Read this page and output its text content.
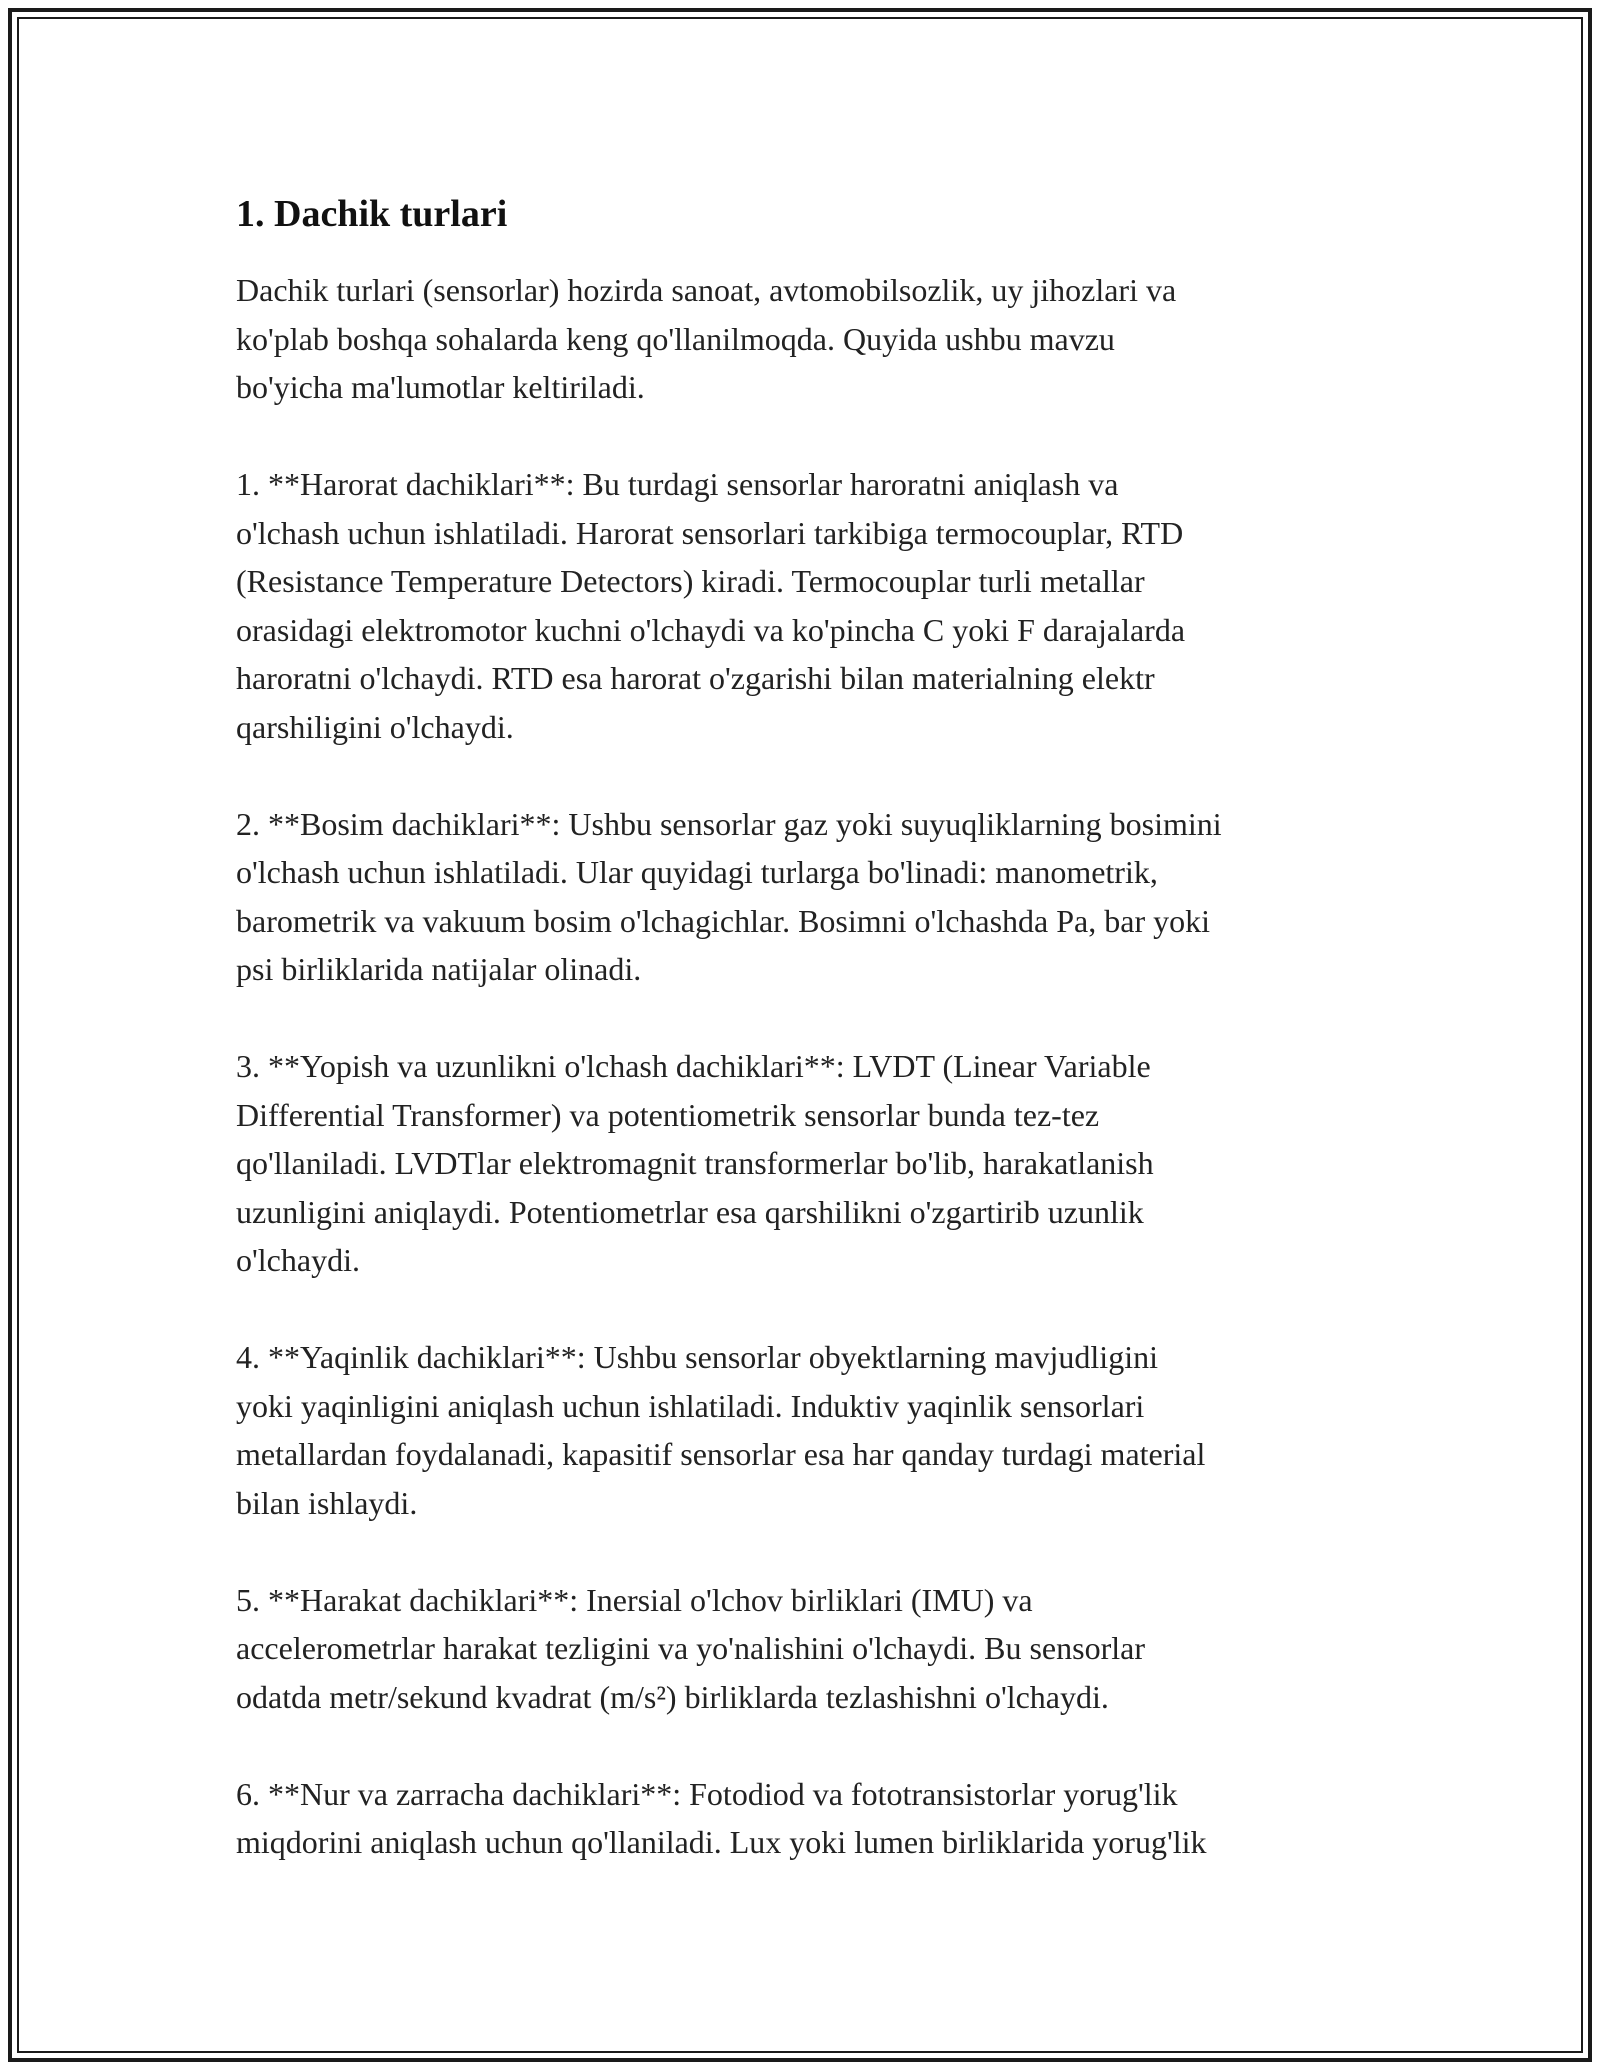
1. Dachik turlari

Dachik turlari (sensorlar) hozirda sanoat, avtomobilsozlik, uy jihozlari va
ko'plab boshqa sohalarda keng qo'llanilmoqda. Quyida ushbu mavzu
bo'yicha ma'lumotlar keltiriladi.

1. **Harorat dachiklari**: Bu turdagi sensorlar haroratni aniqlash va
o'lchash uchun ishlatiladi. Harorat sensorlari tarkibiga termocouplar, RTD
(Resistance Temperature Detectors) kiradi. Termocouplar turli metallar
orasidagi elektromotor kuchni o'lchaydi va ko'pincha C yoki F darajalarda
haroratni o'lchaydi. RTD esa harorat o'zgarishi bilan materialning elektr
qarshiligini o'lchaydi.

2. **Bosim dachiklari**: Ushbu sensorlar gaz yoki suyuqliklarning bosimini
o'lchash uchun ishlatiladi. Ular quyidagi turlarga bo'linadi: manometrik,
barometrik va vakuum bosim o'lchagichlar. Bosimni o'lchashda Pa, bar yoki
psi birliklarida natijalar olinadi.

3. **Yopish va uzunlikni o'lchash dachiklari**: LVDT (Linear Variable
Differential Transformer) va potentiometrik sensorlar bunda tez-tez
qo'llaniladi. LVDTlar elektromagnit transformerlar bo'lib, harakatlanish
uzunligini aniqlaydi. Potentiometrlar esa qarshilikni o'zgartirib uzunlik
o'lchaydi.

4. **Yaqinlik dachiklari**: Ushbu sensorlar obyektlarning mavjudligini
yoki yaqinligini aniqlash uchun ishlatiladi. Induktiv yaqinlik sensorlari
metallardan foydalanadi, kapasitif sensorlar esa har qanday turdagi material
bilan ishlaydi.

5. **Harakat dachiklari**: Inersial o'lchov birliklari (IMU) va
accelerometrlar harakat tezligini va yo'nalishini o'lchaydi. Bu sensorlar
odatda metr/sekund kvadrat (m/s²) birliklarda tezlashishni o'lchaydi.

6. **Nur va zarracha dachiklari**: Fotodiod va fototransistorlar yorug'lik
miqdorini aniqlash uchun qo'llaniladi. Lux yoki lumen birliklarida yorug'lik
